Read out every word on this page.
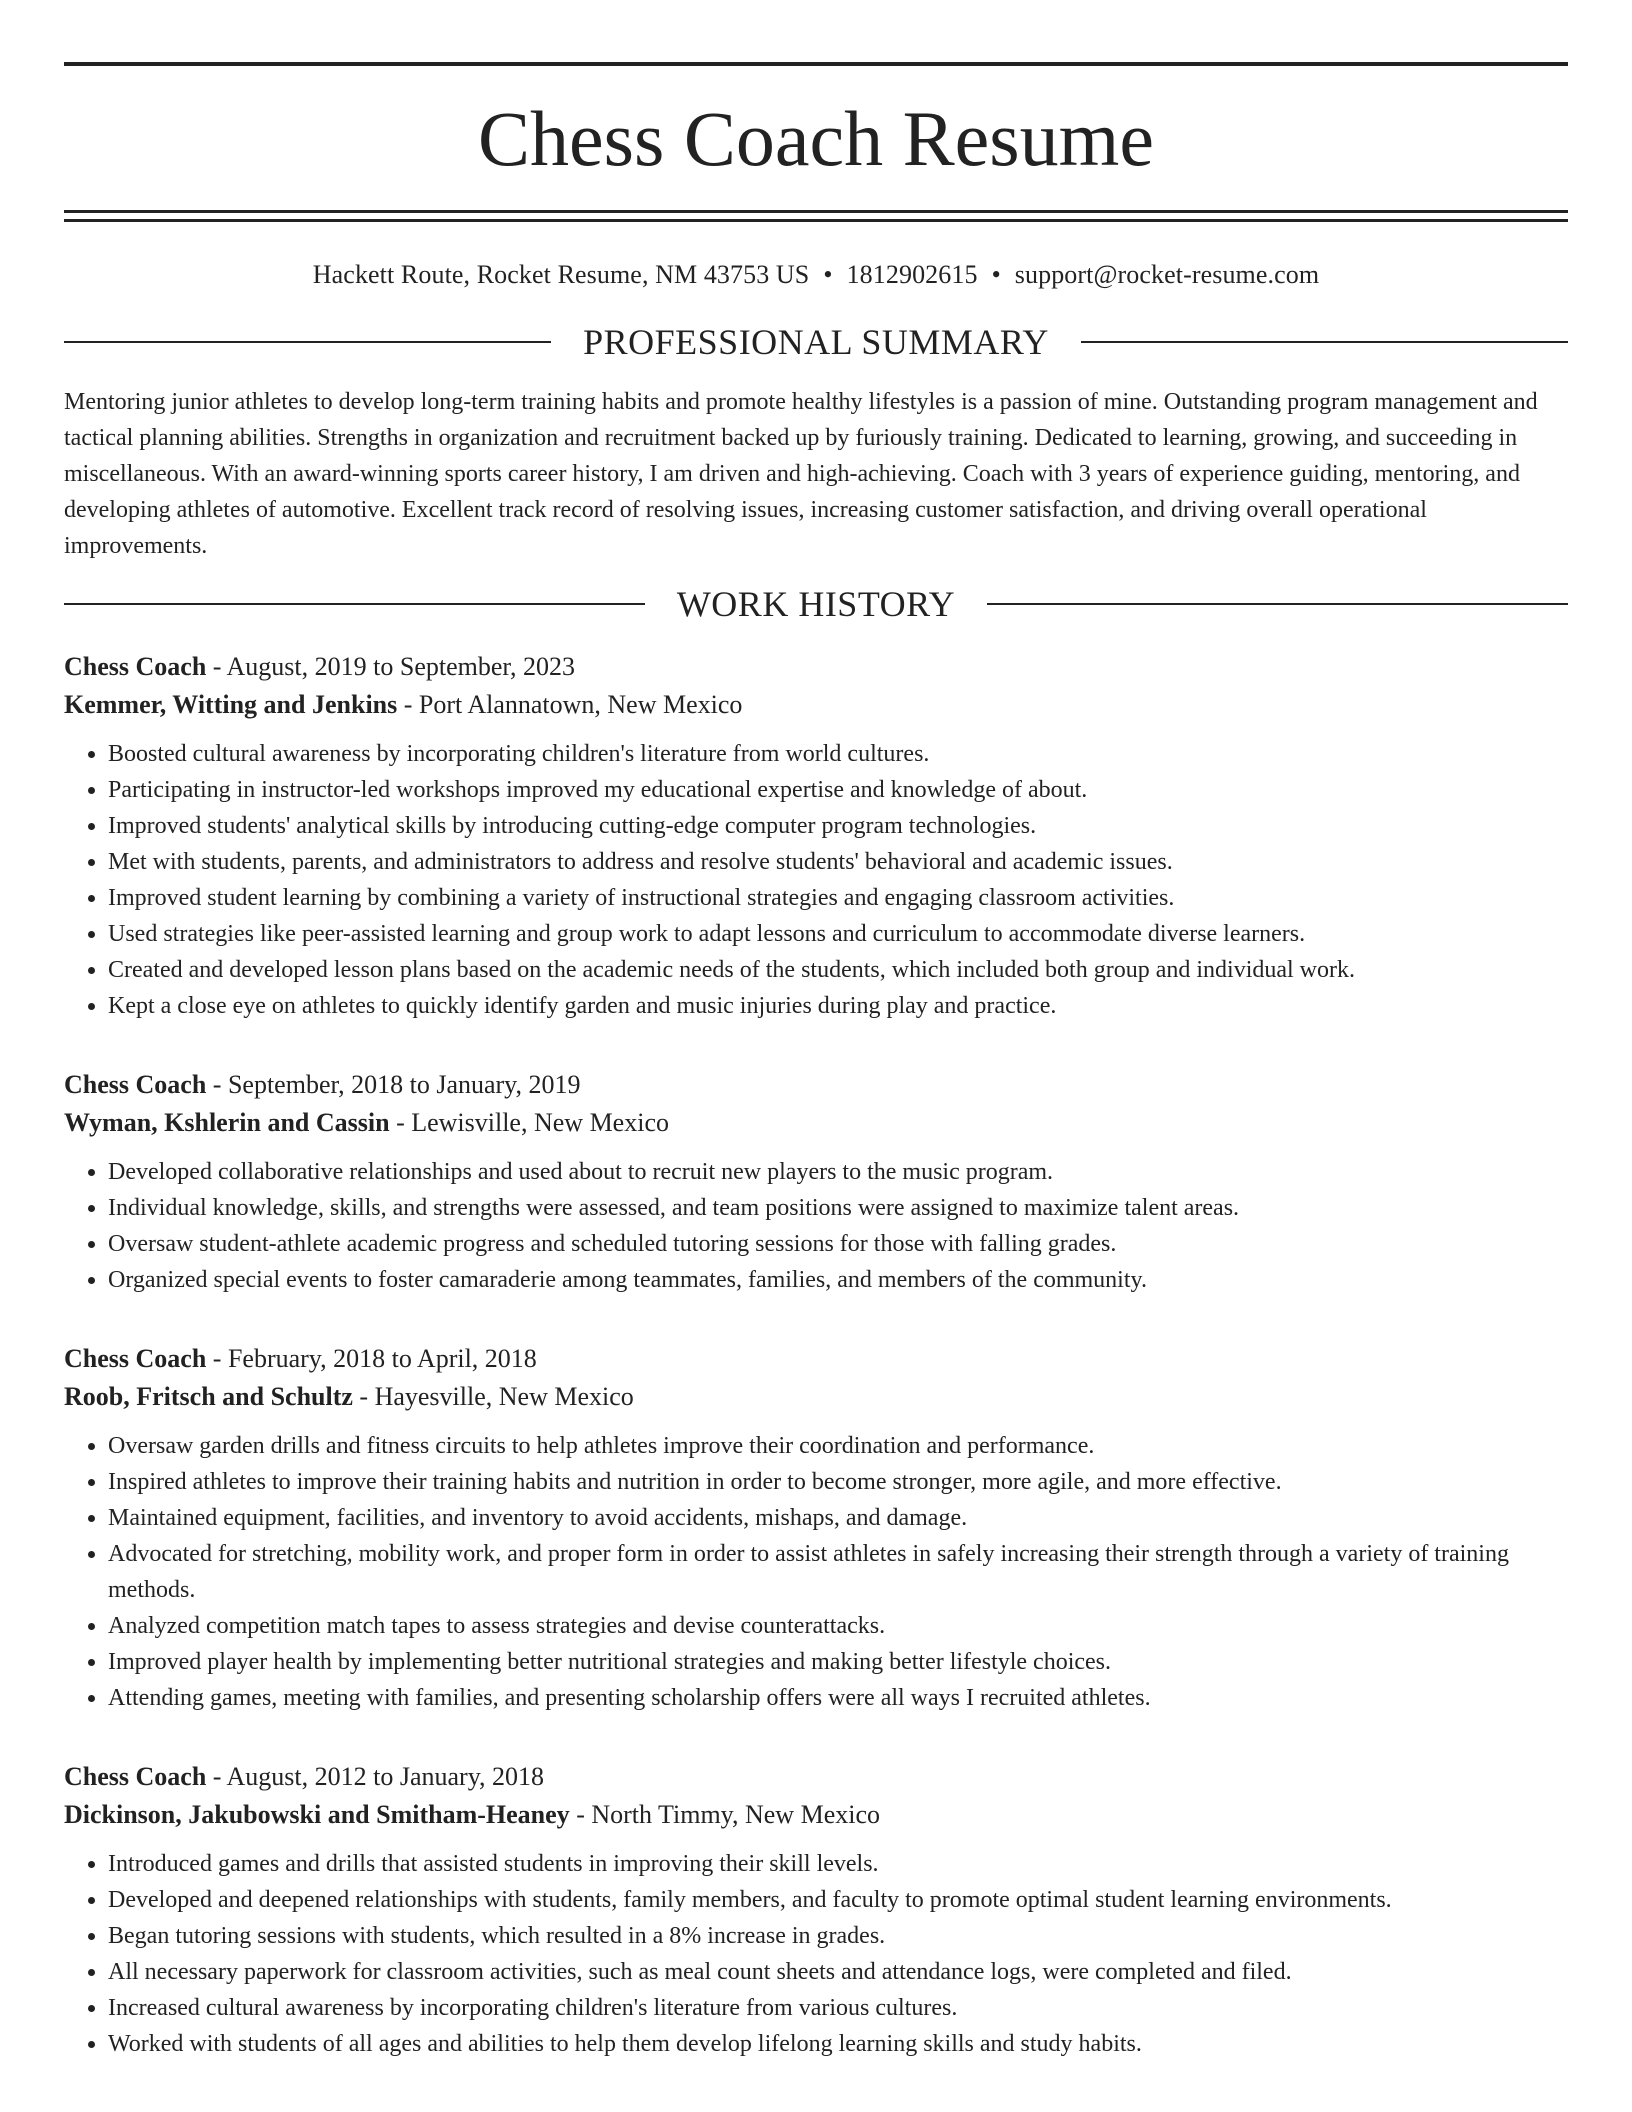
Chess Coach Resume
Hackett Route, Rocket Resume, NM 43753 US • 1812902615 • support@rocket-resume.com
PROFESSIONAL SUMMARY

Mentoring junior athletes to develop long-term training habits and promote healthy lifestyles is a passion of mine. Outstanding program management and tactical planning abilities. Strengths in organization and recruitment backed up by furiously training. Dedicated to learning, growing, and succeeding in miscellaneous. With an award-winning sports career history, I am driven and high-achieving. Coach with 3 years of experience guiding, mentoring, and developing athletes of automotive. Excellent track record of resolving issues, increasing customer satisfaction, and driving overall operational improvements.

WORK HISTORY
Chess Coach - August, 2019 to September, 2023
Kemmer, Witting and Jenkins - Port Alannatown, New Mexico
• Boosted cultural awareness by incorporating children's literature from world cultures.
• Participating in instructor-led workshops improved my educational expertise and knowledge of about.
• Improved students' analytical skills by introducing cutting-edge computer program technologies.
• Met with students, parents, and administrators to address and resolve students' behavioral and academic issues.
• Improved student learning by combining a variety of instructional strategies and engaging classroom activities.
• Used strategies like peer-assisted learning and group work to adapt lessons and curriculum to accommodate diverse learners.
• Created and developed lesson plans based on the academic needs of the students, which included both group and individual work.
• Kept a close eye on athletes to quickly identify garden and music injuries during play and practice.
Chess Coach - September, 2018 to January, 2019
Wyman, Kshlerin and Cassin - Lewisville, New Mexico
• Developed collaborative relationships and used about to recruit new players to the music program.
• Individual knowledge, skills, and strengths were assessed, and team positions were assigned to maximize talent areas.
• Oversaw student-athlete academic progress and scheduled tutoring sessions for those with falling grades.
• Organized special events to foster camaraderie among teammates, families, and members of the community.
Chess Coach - February, 2018 to April, 2018
Roob, Fritsch and Schultz - Hayesville, New Mexico
• Oversaw garden drills and fitness circuits to help athletes improve their coordination and performance.
• Inspired athletes to improve their training habits and nutrition in order to become stronger, more agile, and more effective.
• Maintained equipment, facilities, and inventory to avoid accidents, mishaps, and damage.
• Advocated for stretching, mobility work, and proper form in order to assist athletes in safely increasing their strength through a variety of training methods.
• Analyzed competition match tapes to assess strategies and devise counterattacks.
• Improved player health by implementing better nutritional strategies and making better lifestyle choices.
• Attending games, meeting with families, and presenting scholarship offers were all ways I recruited athletes.
Chess Coach - August, 2012 to January, 2018
Dickinson, Jakubowski and Smitham-Heaney - North Timmy, New Mexico
• Introduced games and drills that assisted students in improving their skill levels.
• Developed and deepened relationships with students, family members, and faculty to promote optimal student learning environments.
• Began tutoring sessions with students, which resulted in a 8% increase in grades.
• All necessary paperwork for classroom activities, such as meal count sheets and attendance logs, were completed and filed.
• Increased cultural awareness by incorporating children's literature from various cultures.
• Worked with students of all ages and abilities to help them develop lifelong learning skills and study habits.
